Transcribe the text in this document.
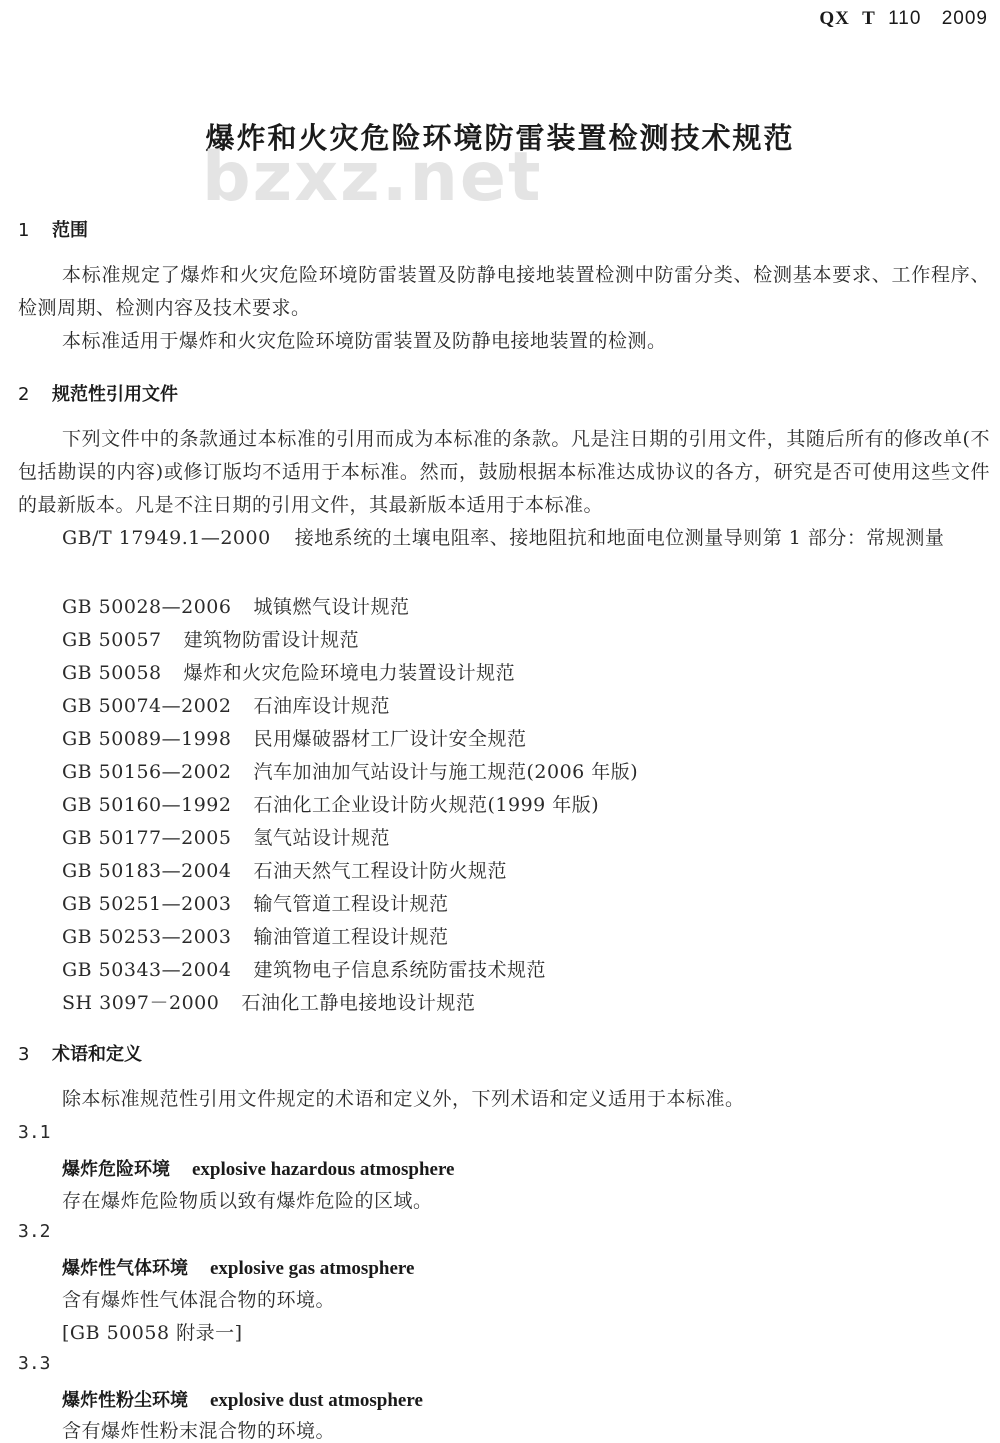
QX T 110 2009
爆炸和火灾危险环境防雷装置检测技术规范
bzxz.net
1 范围
本标准规定了爆炸和火灾危险环境防雷装置及防静电接地装置检测中防雷分类、检测基本要求、工作程序、检测周期、检测内容及技术要求。
本标准适用于爆炸和火灾危险环境防雷装置及防静电接地装置的检测。
2 规范性引用文件
下列文件中的条款通过本标准的引用而成为本标准的条款。凡是注日期的引用文件，其随后所有的修改单(不包括勘误的内容)或修订版均不适用于本标准。然而，鼓励根据本标准达成协议的各方，研究是否可使用这些文件的最新版本。凡是不注日期的引用文件，其最新版本适用于本标准。
GB/T 17949.1—2000 接地系统的土壤电阻率、接地阻抗和地面电位测量导则第 1 部分：常规测量
GB 50028—2006 城镇燃气设计规范
GB 50057 建筑物防雷设计规范
GB 50058 爆炸和火灾危险环境电力装置设计规范
GB 50074—2002 石油库设计规范
GB 50089—1998 民用爆破器材工厂设计安全规范
GB 50156—2002 汽车加油加气站设计与施工规范(2006 年版)
GB 50160—1992 石油化工企业设计防火规范(1999 年版)
GB 50177—2005 氢气站设计规范
GB 50183—2004 石油天然气工程设计防火规范
GB 50251—2003 输气管道工程设计规范
GB 50253—2003 输油管道工程设计规范
GB 50343—2004 建筑物电子信息系统防雷技术规范
SH 3097－2000 石油化工静电接地设计规范
3 术语和定义
除本标准规范性引用文件规定的术语和定义外，下列术语和定义适用于本标准。
3.1
爆炸危险环境 explosive hazardous atmosphere
存在爆炸危险物质以致有爆炸危险的区域。
3.2
爆炸性气体环境 explosive gas atmosphere
含有爆炸性气体混合物的环境。
[GB 50058 附录一]
3.3
爆炸性粉尘环境 explosive dust atmosphere
含有爆炸性粉末混合物的环境。
